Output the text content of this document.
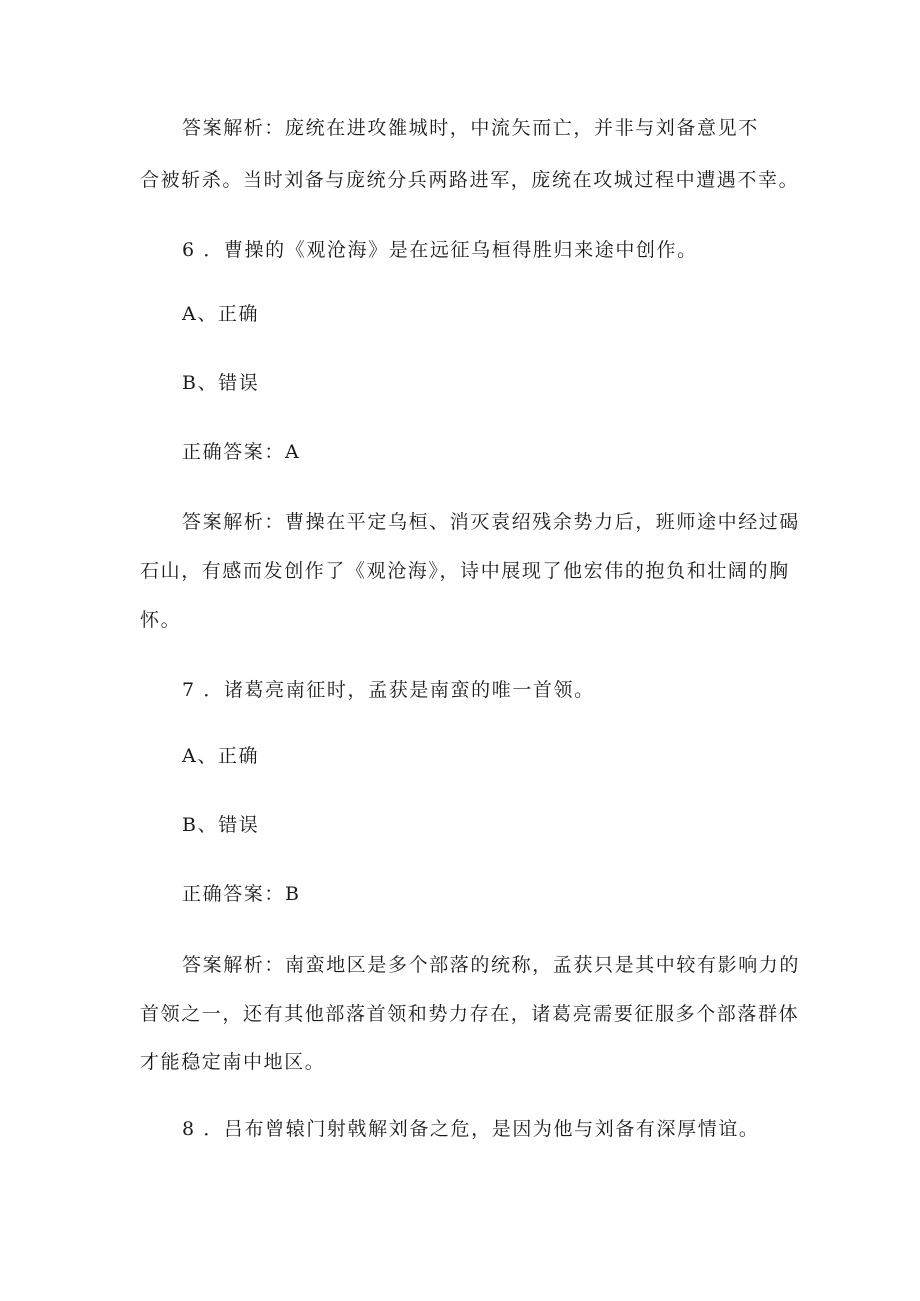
答案解析：庞统在进攻雒城时，中流矢而亡，并非与刘备意见不
合被斩杀。当时刘备与庞统分兵两路进军，庞统在攻城过程中遭遇不幸。
6 ．曹操的《观沧海》是在远征乌桓得胜归来途中创作。
A、正确
B、错误
正确答案：A
答案解析：曹操在平定乌桓、消灭袁绍残余势力后，班师途中经过碣
石山，有感而发创作了《观沧海》，诗中展现了他宏伟的抱负和壮阔的胸
怀。
7 ．诸葛亮南征时，孟获是南蛮的唯一首领。
A、正确
B、错误
正确答案：B
答案解析：南蛮地区是多个部落的统称，孟获只是其中较有影响力的
首领之一，还有其他部落首领和势力存在，诸葛亮需要征服多个部落群体
才能稳定南中地区。
8 ．吕布曾辕门射戟解刘备之危，是因为他与刘备有深厚情谊。
